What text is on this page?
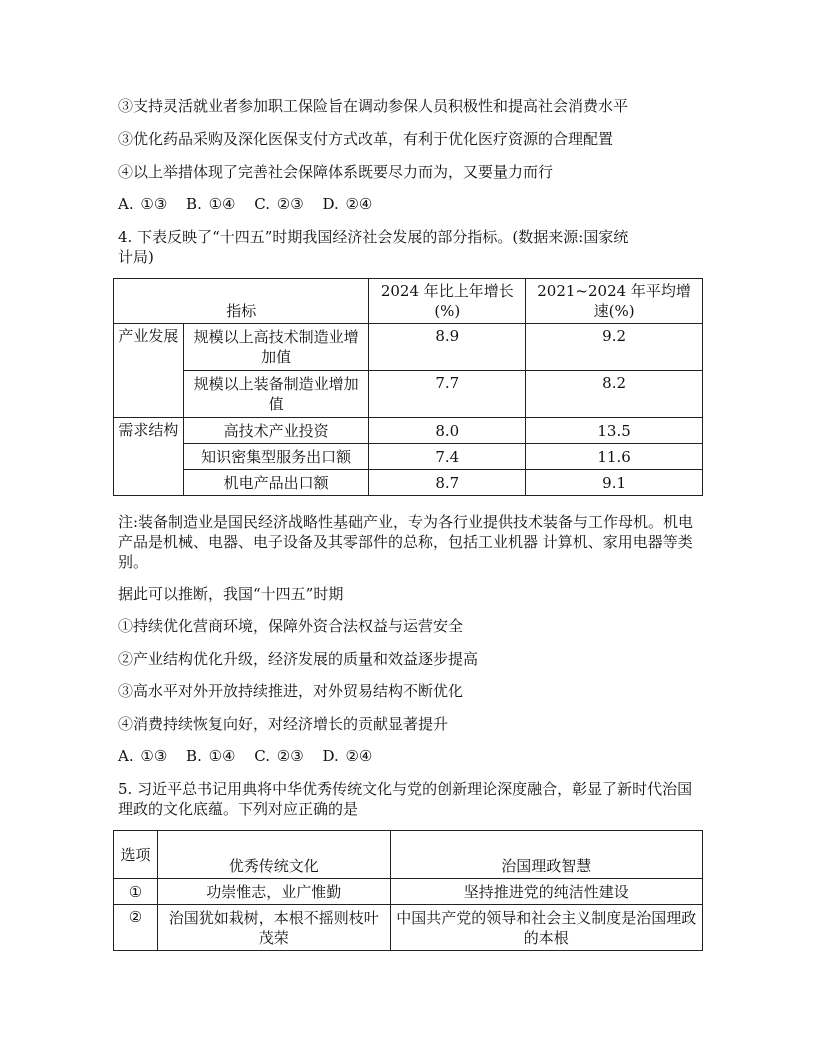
③支持灵活就业者参加职工保险旨在调动参保人员积极性和提高社会消费水平
③优化药品采购及深化医保支付方式改革，有利于优化医疗资源的合理配置
④以上举措体现了完善社会保障体系既要尽力而为，又要量力而行
A. ①③ B. ①④ C. ②③ D. ②④
4. 下表反映了“十四五”时期我国经济社会发展的部分指标。(数据来源:国家统
计局)
指标		2024 年比上年增长(%)	2021~2024 年平均增速(%)
产业发展	规模以上高技术制造业增加值	8.9	9.2
	规模以上装备制造业增加值	7.7	8.2
需求结构	高技术产业投资	8.0	13.5
	知识密集型服务出口额	7.4	11.6
	机电产品出口额	8.7	9.1
注:装备制造业是国民经济战略性基础产业，专为各行业提供技术装备与工作母机。机电产品是机械、电器、电子设备及其零部件的总称，包括工业机器 计算机、家用电器等类别。
据此可以推断，我国“十四五”时期
①持续优化营商环境，保障外资合法权益与运营安全
②产业结构优化升级，经济发展的质量和效益逐步提高
③高水平对外开放持续推进，对外贸易结构不断优化
④消费持续恢复向好，对经济增长的贡献显著提升
A. ①③ B. ①④ C. ②③ D. ②④
5. 习近平总书记用典将中华优秀传统文化与党的创新理论深度融合，彰显了新时代治国理政的文化底蕴。下列对应正确的是
选项	优秀传统文化	治国理政智慧
①	功崇惟志，业广惟勤	坚持推进党的纯洁性建设
②	治国犹如栽树，本根不摇则枝叶茂荣	中国共产党的领导和社会主义制度是治国理政的本根
